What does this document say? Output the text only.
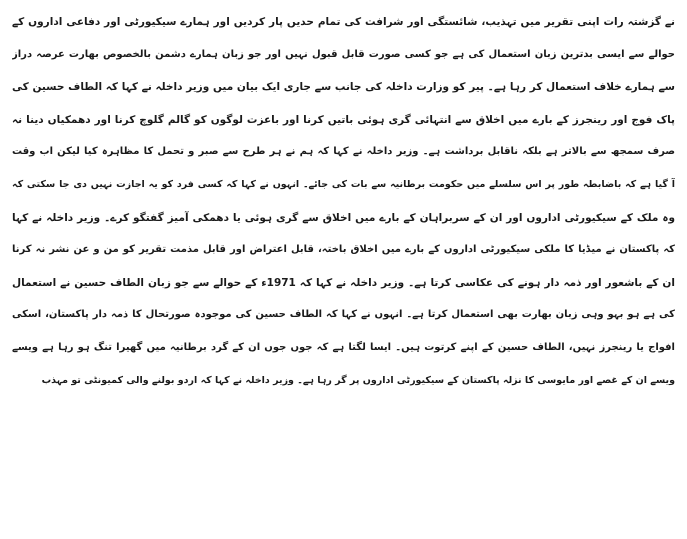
نے گزشتہ رات اپنی تقریر میں تہذیب، شائستگی اور شرافت کی تمام حدیں پار کردیں اور ہمارے سیکیورٹی اور دفاعی اداروں کے
حوالے سے ایسی بدترین زبان استعمال کی ہے جو کسی صورت قابل قبول نہیں اور جو زبان ہمارے دشمن بالخصوص بھارت عرصہ دراز
سے ہمارے خلاف استعمال کر رہا ہے۔ پیر کو وزارت داخلہ کی جانب سے جاری ایک بیان میں وزیر داخلہ نے کہا کہ الطاف حسین کی
پاک فوج اور رینجرز کے بارے میں اخلاق سے انتہائی گری ہوئی باتیں کرنا اور باعزت لوگوں کو گالم گلوچ کرنا اور دھمکیاں دینا نہ
صرف سمجھ سے بالاتر ہے بلکہ ناقابل برداشت ہے۔ وزیر داخلہ نے کہا کہ ہم نے ہر طرح سے صبر و تحمل کا مظاہرہ کیا لیکن اب وقت
آ گیا ہے کہ باضابطہ طور پر اس سلسلے میں حکومت برطانیہ سے بات کی جائے۔ انہوں نے کہا کہ کسی فرد کو یہ اجازت نہیں دی جا سکتی کہ
وہ ملک کے سیکیورٹی اداروں اور ان کے سربراہان کے بارے میں اخلاق سے گری ہوئی یا دھمکی آمیز گفتگو کرے۔ وزیر داخلہ نے کہا
کہ پاکستان نے میڈیا کا ملکی سیکیورٹی اداروں کے بارے میں اخلاق باختہ، قابل اعتراض اور قابل مذمت تقریر کو من و عن نشر نہ کرنا
ان کے باشعور اور ذمہ دار ہونے کی عکاسی کرتا ہے۔ وزیر داخلہ نے کہا کہ 1971ء کے حوالے سے جو زبان الطاف حسین نے استعمال
کی ہے ہو بہو وہی زبان بھارت بھی استعمال کرتا ہے۔ انہوں نے کہا کہ الطاف حسین کی موجودہ صورتحال کا ذمہ دار پاکستان، اسکی
افواج یا رینجرز نہیں، الطاف حسین کے اپنے کرتوت ہیں۔ ایسا لگتا ہے کہ جوں جوں ان کے گرد برطانیہ میں گھیرا تنگ ہو رہا ہے ویسے
ویسے ان کے غصے اور مایوسی کا نزلہ پاکستان کے سیکیورٹی اداروں پر گر رہا ہے۔ وزیر داخلہ نے کہا کہ اردو بولنے والی کمیونٹی تو مہذب
